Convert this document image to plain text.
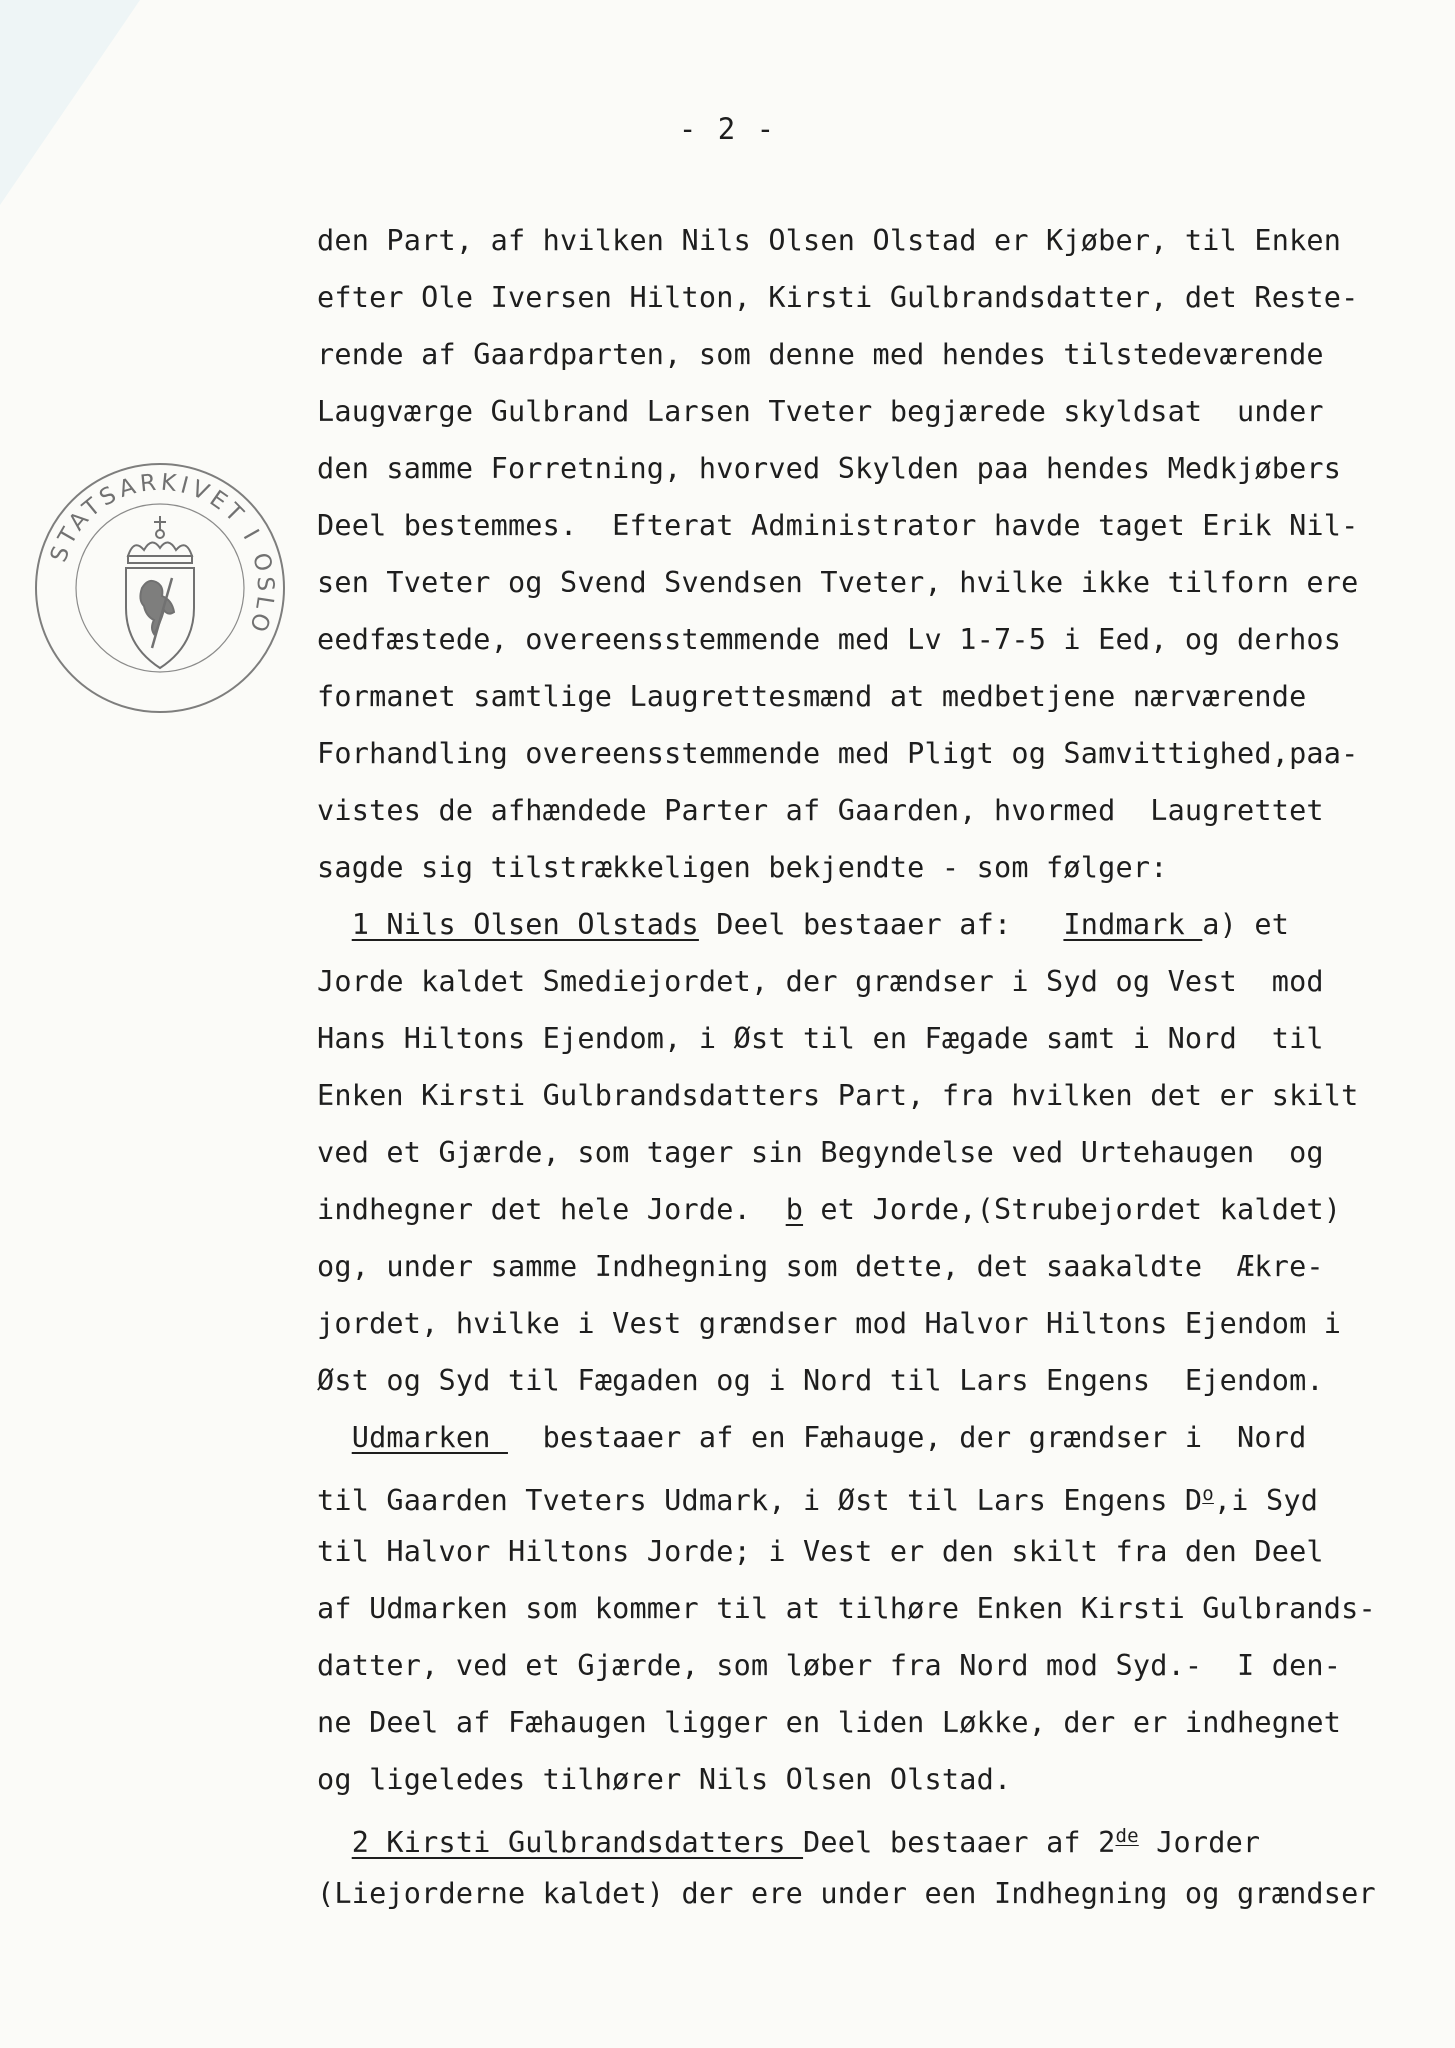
- 2 -
STATSARKIVET I OSLO
den Part, af hvilken Nils Olsen Olstad er Kjøber, til Enken
efter Ole Iversen Hilton, Kirsti Gulbrandsdatter, det Reste-
rende af Gaardparten, som denne med hendes tilstedeværende
Laugværge Gulbrand Larsen Tveter begjærede skyldsat  under
den samme Forretning, hvorved Skylden paa hendes Medkjøbers
Deel bestemmes.  Efterat Administrator havde taget Erik Nil-
sen Tveter og Svend Svendsen Tveter, hvilke ikke tilforn ere
eedfæstede, overeensstemmende med Lv 1-7-5 i Eed, og derhos
formanet samtlige Laugrettesmænd at medbetjene nærværende
Forhandling overeensstemmende med Pligt og Samvittighed,paa-
vistes de afhændede Parter af Gaarden, hvormed  Laugrettet
sagde sig tilstrækkeligen bekjendte - som følger:
1 Nils Olsen Olstads Deel bestaaer af:   Indmark a) et
Jorde kaldet Smediejordet, der grændser i Syd og Vest  mod
Hans Hiltons Ejendom, i Øst til en Fægade samt i Nord  til
Enken Kirsti Gulbrandsdatters Part, fra hvilken det er skilt
ved et Gjærde, som tager sin Begyndelse ved Urtehaugen  og
indhegner det hele Jorde.  b et Jorde,(Strubejordet kaldet)
og, under samme Indhegning som dette, det saakaldte  Ækre-
jordet, hvilke i Vest grændser mod Halvor Hiltons Ejendom i
Øst og Syd til Fægaden og i Nord til Lars Engens  Ejendom.
Udmarken   bestaaer af en Fæhauge, der grændser i  Nord
til Gaarden Tveters Udmark, i Øst til Lars Engens $D^o,i$ Syd
til Halvor Hiltons Jorde; i Vest er den skilt fra den Deel
af Udmarken som kommer til at tilhøre Enken Kirsti Gulbrands-
datter, ved et Gjærde, som løber fra Nord mod Syd.-  I den-
ne Deel af Fæhaugen ligger en liden Løkke, der er indhegnet
og ligeledes tilhører Nils Olsen Olstad.
2 Kirsti Gulbrandsdatters Deel bestaaer af 2de Jorder
(Liejorderne kaldet) der ere under een Indhegning og grændser
